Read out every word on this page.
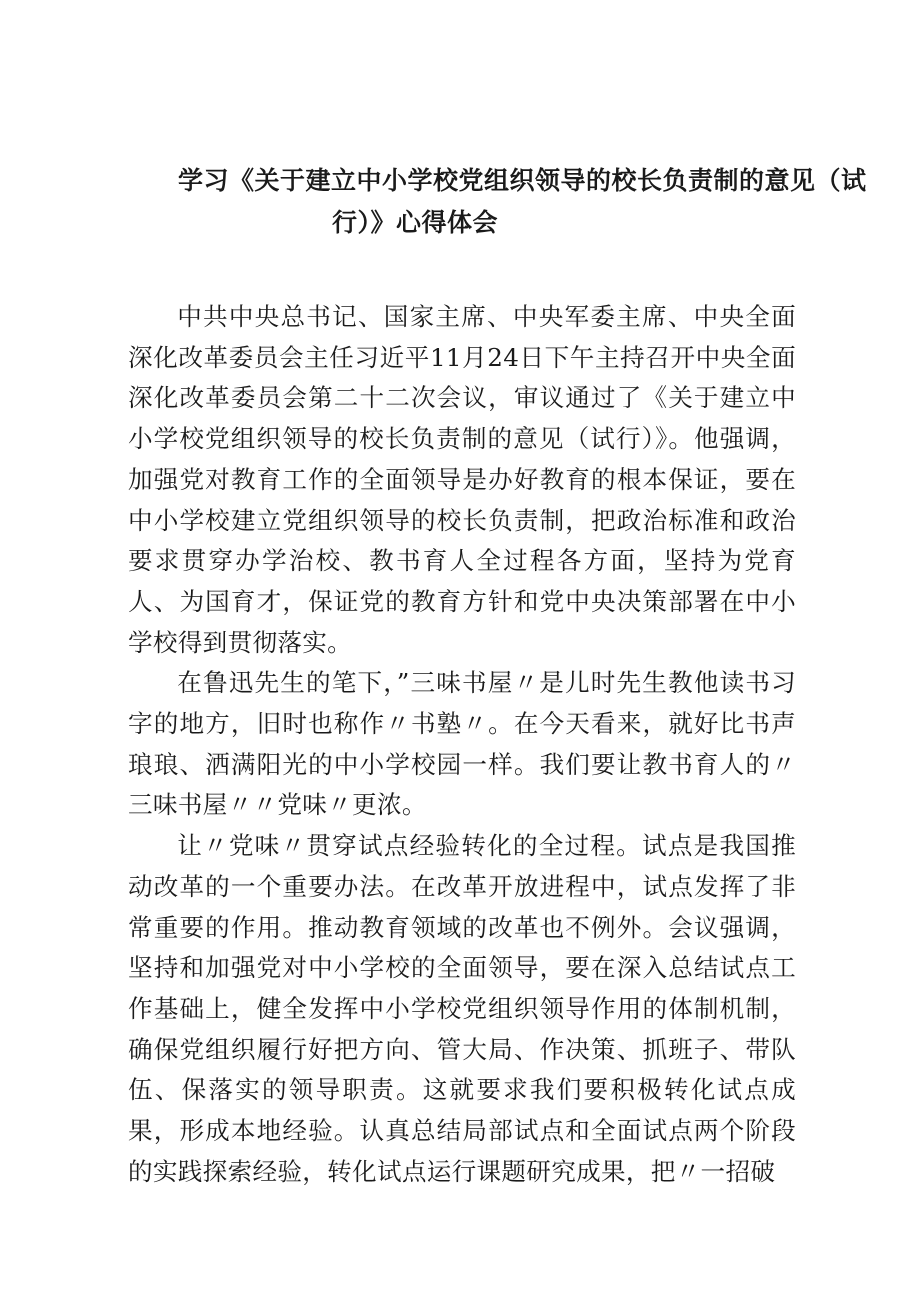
学习《关于建立中小学校党组织领导的校长负责制的意见（试
行）》心得体会

中共中央总书记、国家主席、中央军委主席、中央全面深化改革委员会主任习近平11月24日下午主持召开中央全面深化改革委员会第二十二次会议，审议通过了《关于建立中小学校党组织领导的校长负责制的意见（试行）》。他强调，加强党对教育工作的全面领导是办好教育的根本保证，要在中小学校建立党组织领导的校长负责制，把政治标准和政治要求贯穿办学治校、教书育人全过程各方面，坚持为党育人、为国育才，保证党的教育方针和党中央决策部署在中小学校得到贯彻落实。

在鲁迅先生的笔下，”三味书屋〃是儿时先生教他读书习字的地方，旧时也称作〃书塾〃。在今天看来，就好比书声琅琅、洒满阳光的中小学校园一样。我们要让教书育人的〃三味书屋〃〃党味〃更浓。

让〃党味〃贯穿试点经验转化的全过程。试点是我国推动改革的一个重要办法。在改革开放进程中，试点发挥了非常重要的作用。推动教育领域的改革也不例外。会议强调，坚持和加强党对中小学校的全面领导，要在深入总结试点工作基础上，健全发挥中小学校党组织领导作用的体制机制，确保党组织履行好把方向、管大局、作决策、抓班子、带队伍、保落实的领导职责。这就要求我们要积极转化试点成果，形成本地经验。认真总结局部试点和全面试点两个阶段的实践探索经验，转化试点运行课题研究成果，把〃一招破
